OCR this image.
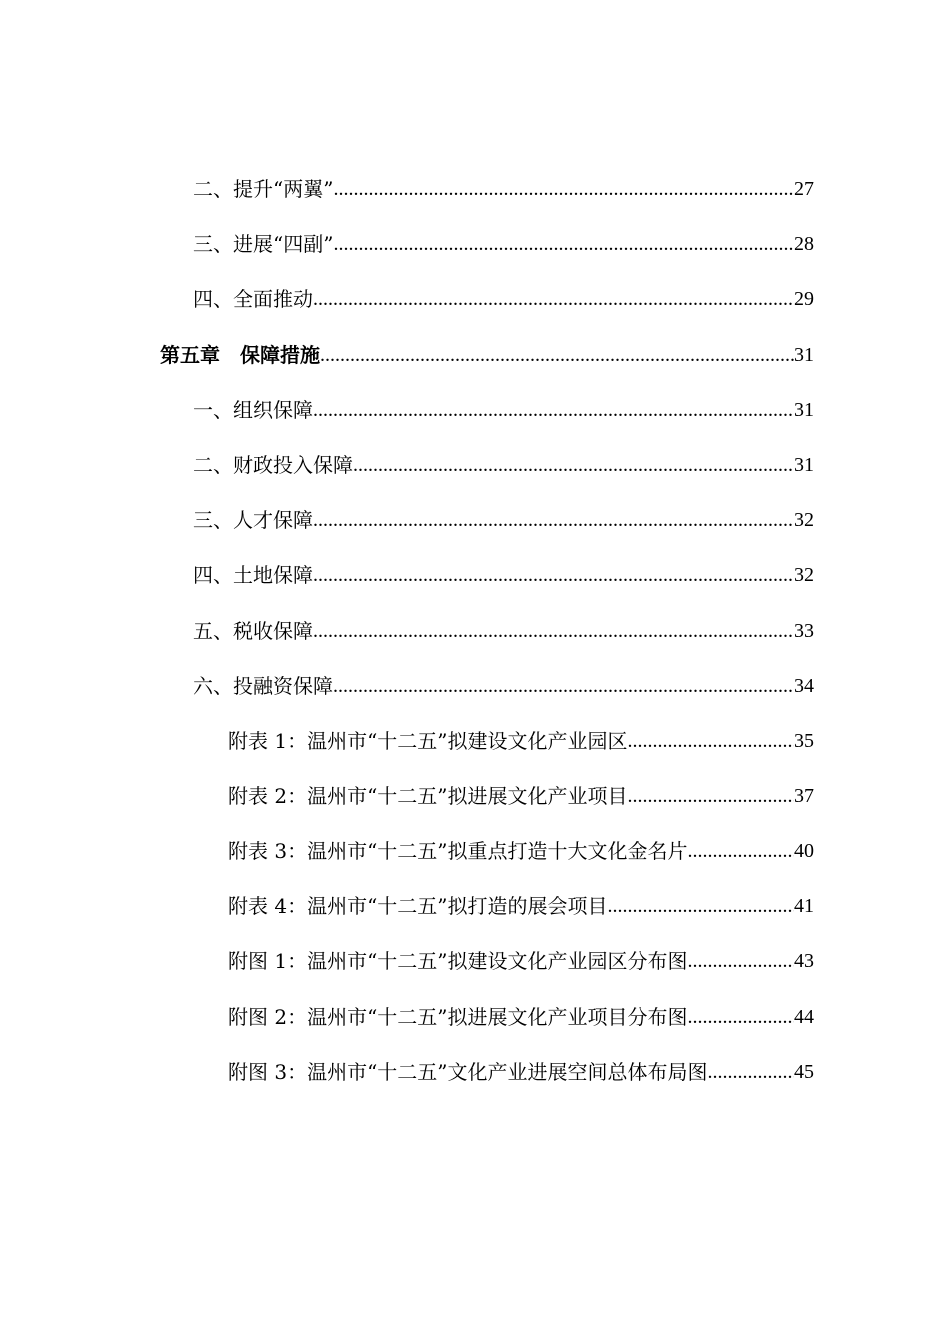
二、提升“两翼” .....	27
三、进展“四副” .....	28
四、全面推动 .....	29
第五章　保障措施 .....	31
一、组织保障 .....	31
二、财政投入保障 .....	31
三、人才保障 .....	32
四、土地保障 .....	32
五、税收保障 .....	33
六、投融资保障 .....	34
附表 1：温州市“十二五”拟建设文化产业园区 .....	35
附表 2：温州市“十二五”拟进展文化产业项目 .....	37
附表 3：温州市“十二五”拟重点打造十大文化金名片 .....	40
附表 4：温州市“十二五”拟打造的展会项目 .....	41
附图 1：温州市“十二五”拟建设文化产业园区分布图 .....	43
附图 2：温州市“十二五”拟进展文化产业项目分布图 .....	44
附图 3：温州市“十二五”文化产业进展空间总体布局图 .....	45
